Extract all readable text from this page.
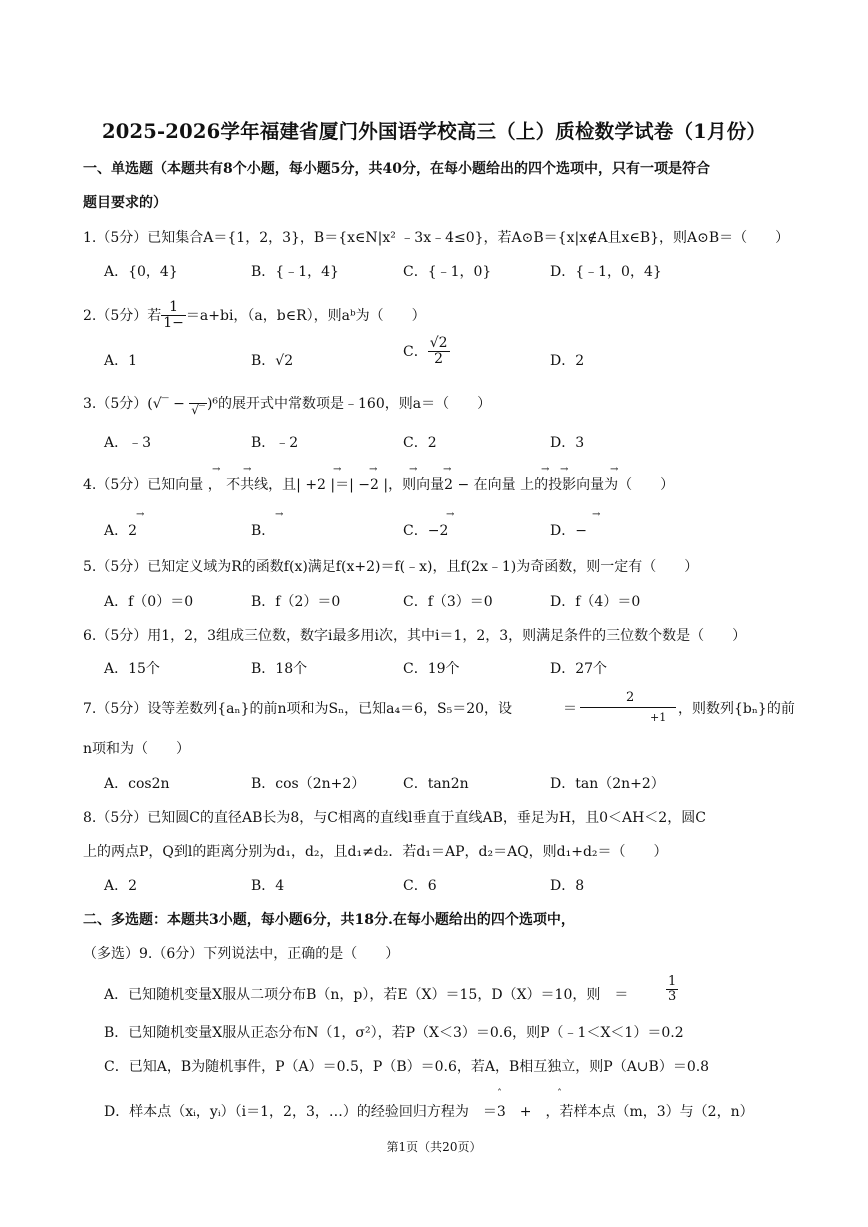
2025-2026学年福建省厦门外国语学校高三（上）质检数学试卷（1月份）
一、单选题（本题共有8个小题，每小题5分，共40分，在每小题给出的四个选项中，只有一项是符合
题目要求的）
1.（5分）已知集合A＝{1，2，3}，B＝{x∈N|x² ﹣3x﹣4≤0}，若A⊙B＝{x|x∉A且x∈B}，则A⊙B＝（　　）
A．{0，4}	B．{﹣1，4}	C．{﹣1，0}	D．{﹣1，0，4}
2.（5分）若 $\frac{1}{1-} =a+bi$，（a，b∈R），则aᵇ为（　　）
A．1	B．√2
C． $\frac{√2}{2}$	D．2
3.（5分）(√‾ −
√‾ )⁶的展开式中常数项是﹣160，则a＝（　　）
A．﹣3	B．﹣2	C．2	D．3
4.（5分）已知向量 ， 不共线，且| +2 |＝| −2 |，则向量2 − 在向量 上的投影向量为（　　）
→ →	→	→	→	→	→ →	→
A．2
→
B．
→
C．−2
→
D．−
→
5.（5分）已知定义域为R的函数f(x)满足f(x+2)＝f(﹣x)，且f(2x﹣1)为奇函数，则一定有（　　）
A．f（0）＝0	B．f（2）＝0	C．f（3）＝0	D．f（4）＝0
6.（5分）用1，2，3组成三位数，数字i最多用i次，其中i＝1，2，3，则满足条件的三位数个数是（　　）
A．15个	B．18个	C．19个	D．27个
7.（5分）设等差数列{aₙ}的前n项和为Sₙ，已知a₄＝6，S₅＝20，设	＝
2
+1
，则数列{bₙ}的前
n项和为（　　）
A．cos2n	B．cos（2n+2）	C．tan2n	D．tan（2n+2）
8.（5分）已知圆C的直径AB长为8，与C相离的直线l垂直于直线AB，垂足为H，且0＜AH＜2，圆C
上的两点P，Q到l的距离分别为d₁，d₂，且d₁≠d₂．若d₁＝AP，d₂＝AQ，则d₁+d₂＝（　　）
A．2	B．4	C．6	D．8
二、多选题：本题共3小题，每小题6分，共18分.在每小题给出的四个选项中，
（多选）9.（6分）下列说法中，正确的是（　　）
A．已知随机变量X服从二项分布B（n，p），若E（X）＝15，D（X）＝10，则　＝	$\frac{1}{3}$
B．已知随机变量X服从正态分布N（1，σ²），若P（X＜3）＝0.6，则P（﹣1＜X＜1）＝0.2
C．已知A，B为随机事件，P（A）＝0.5，P（B）＝0.6，若A，B相互独立，则P（A∪B）＝0.8
D．样本点（xᵢ，yᵢ）（i＝1，2，3，…）的经验回归方程为　＝3　+　，若样本点（m，3）与（2，n）
ˆ	ˆ
第1页（共20页）
